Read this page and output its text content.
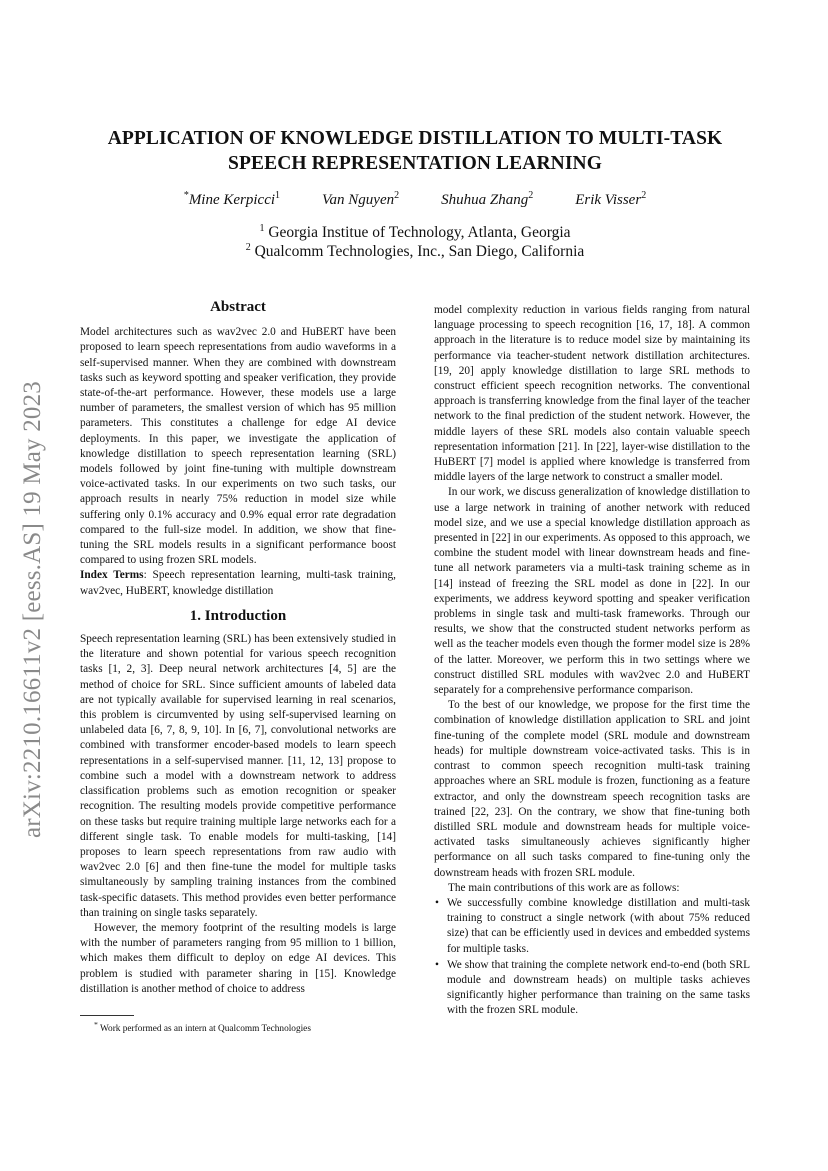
arXiv:2210.16611v2 [eess.AS] 19 May 2023
APPLICATION OF KNOWLEDGE DISTILLATION TO MULTI-TASK
SPEECH REPRESENTATION LEARNING
*Mine Kerpicci$^1$	Van Nguyen$^2$	Shuhua Zhang$^2$	Erik Visser$^2$
$^1$ Georgia Institue of Technology, Atlanta, Georgia
$^2$ Qualcomm Technologies, Inc., San Diego, California
Abstract

Model architectures such as wav2vec 2.0 and HuBERT have been proposed to learn speech representations from audio waveforms in a self-supervised manner. When they are combined with downstream tasks such as keyword spotting and speaker verification, they provide state-of-the-art performance. However, these models use a large number of parameters, the smallest version of which has 95 million parameters. This constitutes a challenge for edge AI device deployments. In this paper, we investigate the application of knowledge distillation to speech representation learning (SRL) models followed by joint fine-tuning with multiple downstream voice-activated tasks. In our experiments on two such tasks, our approach results in nearly 75% reduction in model size while suffering only 0.1% accuracy and 0.9% equal error rate degradation compared to the full-size model. In addition, we show that fine-tuning the SRL models results in a significant performance boost compared to using frozen SRL models.

Index Terms: Speech representation learning, multi-task training, wav2vec, HuBERT, knowledge distillation

1. Introduction

Speech representation learning (SRL) has been extensively studied in the literature and shown potential for various speech recognition tasks [1, 2, 3]. Deep neural network architectures [4, 5] are the method of choice for SRL. Since sufficient amounts of labeled data are not typically available for supervised learning in real scenarios, this problem is circumvented by using self-supervised learning on unlabeled data [6, 7, 8, 9, 10]. In [6, 7], convolutional networks are combined with transformer encoder-based models to learn speech representations in a self-supervised manner. [11, 12, 13] propose to combine such a model with a downstream network to address classification problems such as emotion recognition or speaker recognition. The resulting models provide competitive performance on these tasks but require training multiple large networks each for a different single task. To enable models for multi-tasking, [14] proposes to learn speech representations from raw audio with wav2vec 2.0 [6] and then fine-tune the model for multiple tasks simultaneously by sampling training instances from the combined task-specific datasets. This method provides even better performance than training on single tasks separately.

However, the memory footprint of the resulting models is large with the number of parameters ranging from 95 million to 1 billion, which makes them difficult to deploy on edge AI devices. This problem is studied with parameter sharing in [15]. Knowledge distillation is another method of choice to address

model complexity reduction in various fields ranging from natural language processing to speech recognition [16, 17, 18]. A common approach in the literature is to reduce model size by maintaining its performance via teacher-student network distillation architectures. [19, 20] apply knowledge distillation to large SRL methods to construct efficient speech recognition networks. The conventional approach is transferring knowledge from the final layer of the teacher network to the final prediction of the student network. However, the middle layers of these SRL models also contain valuable speech representation information [21]. In [22], layer-wise distillation to the HuBERT [7] model is applied where knowledge is transferred from middle layers of the large network to construct a smaller model.

In our work, we discuss generalization of knowledge distillation to use a large network in training of another network with reduced model size, and we use a special knowledge distillation approach as presented in [22] in our experiments. As opposed to this approach, we combine the student model with linear downstream heads and fine-tune all network parameters via a multi-task training scheme as in [14] instead of freezing the SRL model as done in [22]. In our experiments, we address keyword spotting and speaker verification problems in single task and multi-task frameworks. Through our results, we show that the constructed student networks perform as well as the teacher models even though the former model size is 28% of the latter. Moreover, we perform this in two settings where we construct distilled SRL modules with wav2vec 2.0 and HuBERT separately for a comprehensive performance comparison.

To the best of our knowledge, we propose for the first time the combination of knowledge distillation application to SRL and joint fine-tuning of the complete model (SRL module and downstream heads) for multiple downstream voice-activated tasks. This is in contrast to common speech recognition multi-task training approaches where an SRL module is frozen, functioning as a feature extractor, and only the downstream speech recognition tasks are trained [22, 23]. On the contrary, we show that fine-tuning both distilled SRL module and downstream heads for multiple voice-activated tasks simultaneously achieves significantly higher performance on all such tasks compared to fine-tuning only the downstream heads with frozen SRL module.

The main contributions of this work are as follows:

• We successfully combine knowledge distillation and multi-task training to construct a single network (with about 75% reduced size) that can be efficiently used in devices and embedded systems for multiple tasks.
• We show that training the complete network end-to-end (both SRL module and downstream heads) on multiple tasks achieves significantly higher performance than training on the same tasks with the frozen SRL module.
* Work performed as an intern at Qualcomm Technologies
